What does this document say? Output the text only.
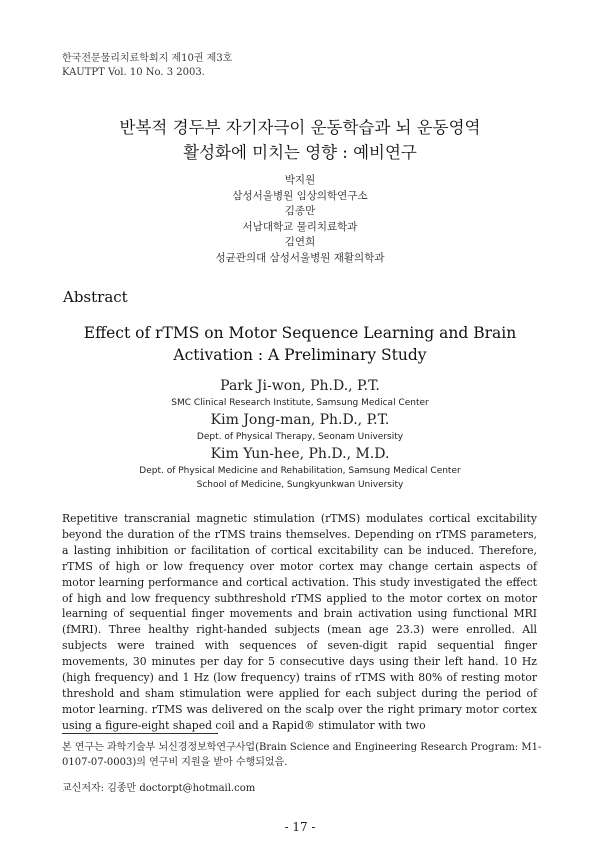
한국전문물리치료학회지 제10권 제3호
KAUTPT Vol. 10 No. 3 2003.
반복적 경두부 자기자극이 운동학습과 뇌 운동영역
활성화에 미치는 영향 : 예비연구
박지원
삼성서울병원 임상의학연구소
김종만
서남대학교 물리치료학과
김연희
성균관의대 삼성서울병원 재활의학과
Abstract
Effect of rTMS on Motor Sequence Learning and Brain
Activation : A Preliminary Study
Park Ji-won, Ph.D., P.T.
SMC Clinical Research Institute, Samsung Medical Center
Kim Jong-man, Ph.D., P.T.
Dept. of Physical Therapy, Seonam University
Kim Yun-hee, Ph.D., M.D.
Dept. of Physical Medicine and Rehabilitation, Samsung Medical Center
School of Medicine, Sungkyunkwan University
Repetitive transcranial magnetic stimulation (rTMS) modulates cortical excitability beyond the duration of the rTMS trains themselves. Depending on rTMS parameters, a lasting inhibition or facilitation of cortical excitability can be induced. Therefore, rTMS of high or low frequency over motor cortex may change certain aspects of motor learning performance and cortical activation. This study investigated the effect of high and low frequency subthreshold rTMS applied to the motor cortex on motor learning of sequential finger movements and brain activation using functional MRI (fMRI). Three healthy right-handed subjects (mean age 23.3) were enrolled. All subjects were trained with sequences of seven-digit rapid sequential finger movements, 30 minutes per day for 5 consecutive days using their left hand. 10 Hz (high frequency) and 1 Hz (low frequency) trains of rTMS with 80% of resting motor threshold and sham stimulation were applied for each subject during the period of motor learning. rTMS was delivered on the scalp over the right primary motor cortex using a figure-eight shaped coil and a Rapid® stimulator with two
본 연구는 과학기술부 뇌신경정보학연구사업(Brain Science and Engineering Research Program: M1-0107-07-0003)의 연구비 지원을 받아 수행되었음.
교신저자: 김종만 doctorpt@hotmail.com
- 17 -
